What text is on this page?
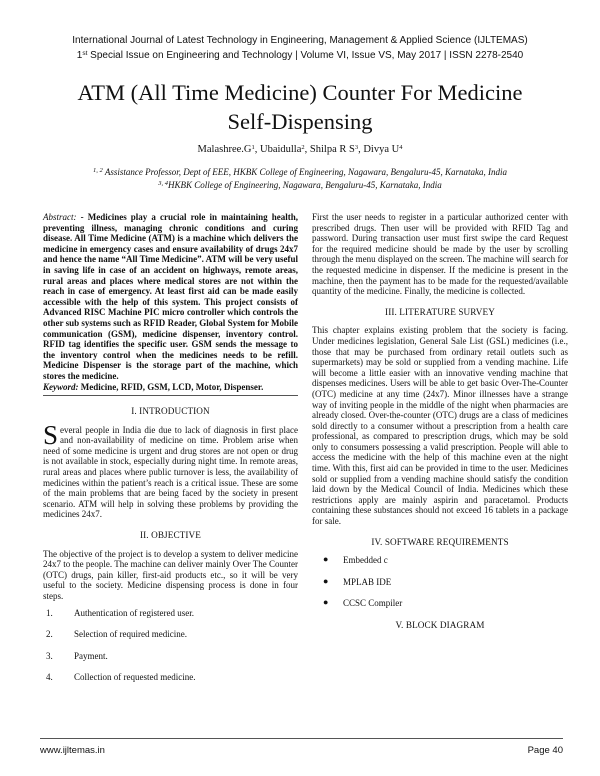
International Journal of Latest Technology in Engineering, Management & Applied Science (IJLTEMAS)
1st Special Issue on Engineering and Technology | Volume VI, Issue VS, May 2017 | ISSN 2278-2540
ATM (All Time Medicine) Counter For Medicine
Self-Dispensing
$Malashree.G^1$, Ubaidulla$^2$, Shilpa R $S^3$, Divya $U^4$
$^{1, 2}$ Assistance Professor, Dept of EEE, HKBK College of Engineering, Nagawara, Bengaluru-45, Karnataka, India
$^{3, 4}$HKBK College of Engineering, Nagawara, Bengaluru-45, Karnataka, India

Abstract: - Medicines play a crucial role in maintaining health, preventing illness, managing chronic conditions and curing disease. All Time Medicine (ATM) is a machine which delivers the medicine in emergency cases and ensure availability of drugs 24x7 and hence the name “All Time Medicine”. ATM will be very useful in saving life in case of an accident on highways, remote areas, rural areas and places where medical stores are not within the reach in case of emergency. At least first aid can be made easily accessible with the help of this system. This project consists of Advanced RISC Machine PIC micro controller which controls the other sub systems such as RFID Reader, Global System for Mobile communication (GSM), medicine dispenser, inventory control. RFID tag identifies the specific user. GSM sends the message to the inventory control when the medicines needs to be refill. Medicine Dispenser is the storage part of the machine, which stores the medicine.

Keyword: Medicine, RFID, GSM, LCD, Motor, Dispenser.

I. INTRODUCTION

Several people in India die due to lack of diagnosis in first place and non-availability of medicine on time. Problem arise when need of some medicine is urgent and drug stores are not open or drug is not available in stock, especially during night time. In remote areas, rural areas and places where public turnover is less, the availability of medicines within the patient’s reach is a critical issue. These are some of the main problems that are being faced by the society in present scenario. ATM will help in solving these problems by providing the medicines 24x7.

II. OBJECTIVE

The objective of the project is to develop a system to deliver medicine 24x7 to the people. The machine can deliver mainly Over The Counter (OTC) drugs, pain killer, first-aid products etc., so it will be very useful to the society. Medicine dispensing process is done in four steps.

1. Authentication of registered user.
2. Selection of required medicine.
3. Payment.
4. Collection of requested medicine.

First the user needs to register in a particular authorized center with prescribed drugs. Then user will be provided with RFID Tag and password. During transaction user must first swipe the card Request for the required medicine should be made by the user by scrolling through the menu displayed on the screen. The machine will search for the requested medicine in dispenser. If the medicine is present in the machine, then the payment has to be made for the requested/available quantity of the medicine. Finally, the medicine is collected.

III. LITERATURE SURVEY

This chapter explains existing problem that the society is facing. Under medicines legislation, General Sale List (GSL) medicines (i.e., those that may be purchased from ordinary retail outlets such as supermarkets) may be sold or supplied from a vending machine. Life will become a little easier with an innovative vending machine that dispenses medicines. Users will be able to get basic Over-The-Counter (OTC) medicine at any time (24x7). Minor illnesses have a strange way of inviting people in the middle of the night when pharmacies are already closed. Over-the-counter (OTC) drugs are a class of medicines sold directly to a consumer without a prescription from a health care professional, as compared to prescription drugs, which may be sold only to consumers possessing a valid prescription. People will able to access the medicine with the help of this machine even at the night time. With this, first aid can be provided in time to the user. Medicines sold or supplied from a vending machine should satisfy the condition laid down by the Medical Council of India. Medicines which these restrictions apply are mainly aspirin and paracetamol. Products containing these substances should not exceed 16 tablets in a package for sale.

IV. SOFTWARE REQUIREMENTS
● Embedded c
● MPLAB IDE
● CCSC Compiler
V. BLOCK DIAGRAM
www.ijltemas.in	Page 40
